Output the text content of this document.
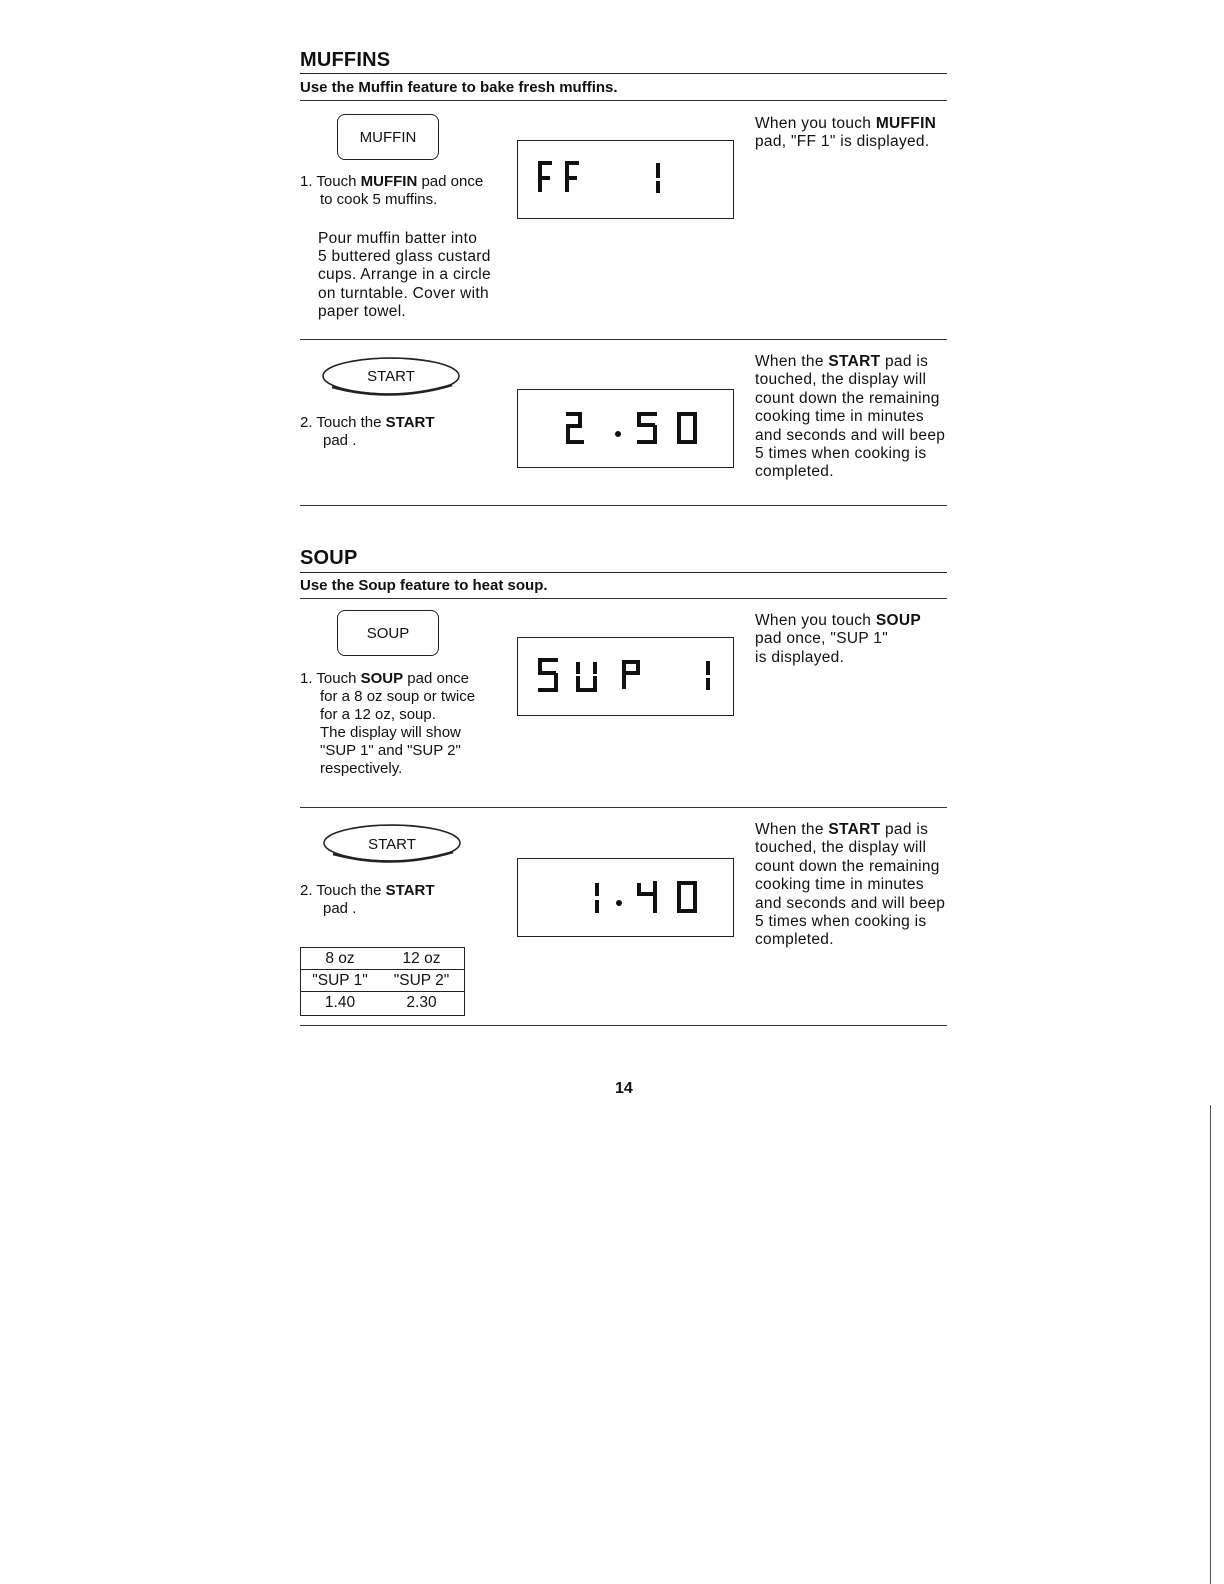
MUFFINS
Use the Muffin feature to bake fresh muffins.
MUFFIN
1. Touch MUFFIN pad once
to cook 5 muffins.
When you touch MUFFIN
pad, "FF 1" is displayed.
Pour muffin batter into
5 buttered glass custard
cups. Arrange in a circle
on turntable. Cover with
paper towel.
START
2. Touch the START
pad .
When the START pad is
touched, the display will
count down the remaining
cooking time in minutes
and seconds and will beep
5 times when cooking is
completed.
SOUP
Use the Soup feature to heat soup.
SOUP
1. Touch SOUP pad once
for a 8 oz soup or twice
for a 12 oz, soup.
The display will show
"SUP 1" and "SUP 2"
respectively.
When you touch SOUP
pad once, "SUP 1"
is displayed.
START
2. Touch the START
pad .
When the START pad is
touched, the display will
count down the remaining
cooking time in minutes
and seconds and will beep
5 times when cooking is
completed.
8 oz	12 oz
"SUP 1"	"SUP 2"
1.40	2.30
14
